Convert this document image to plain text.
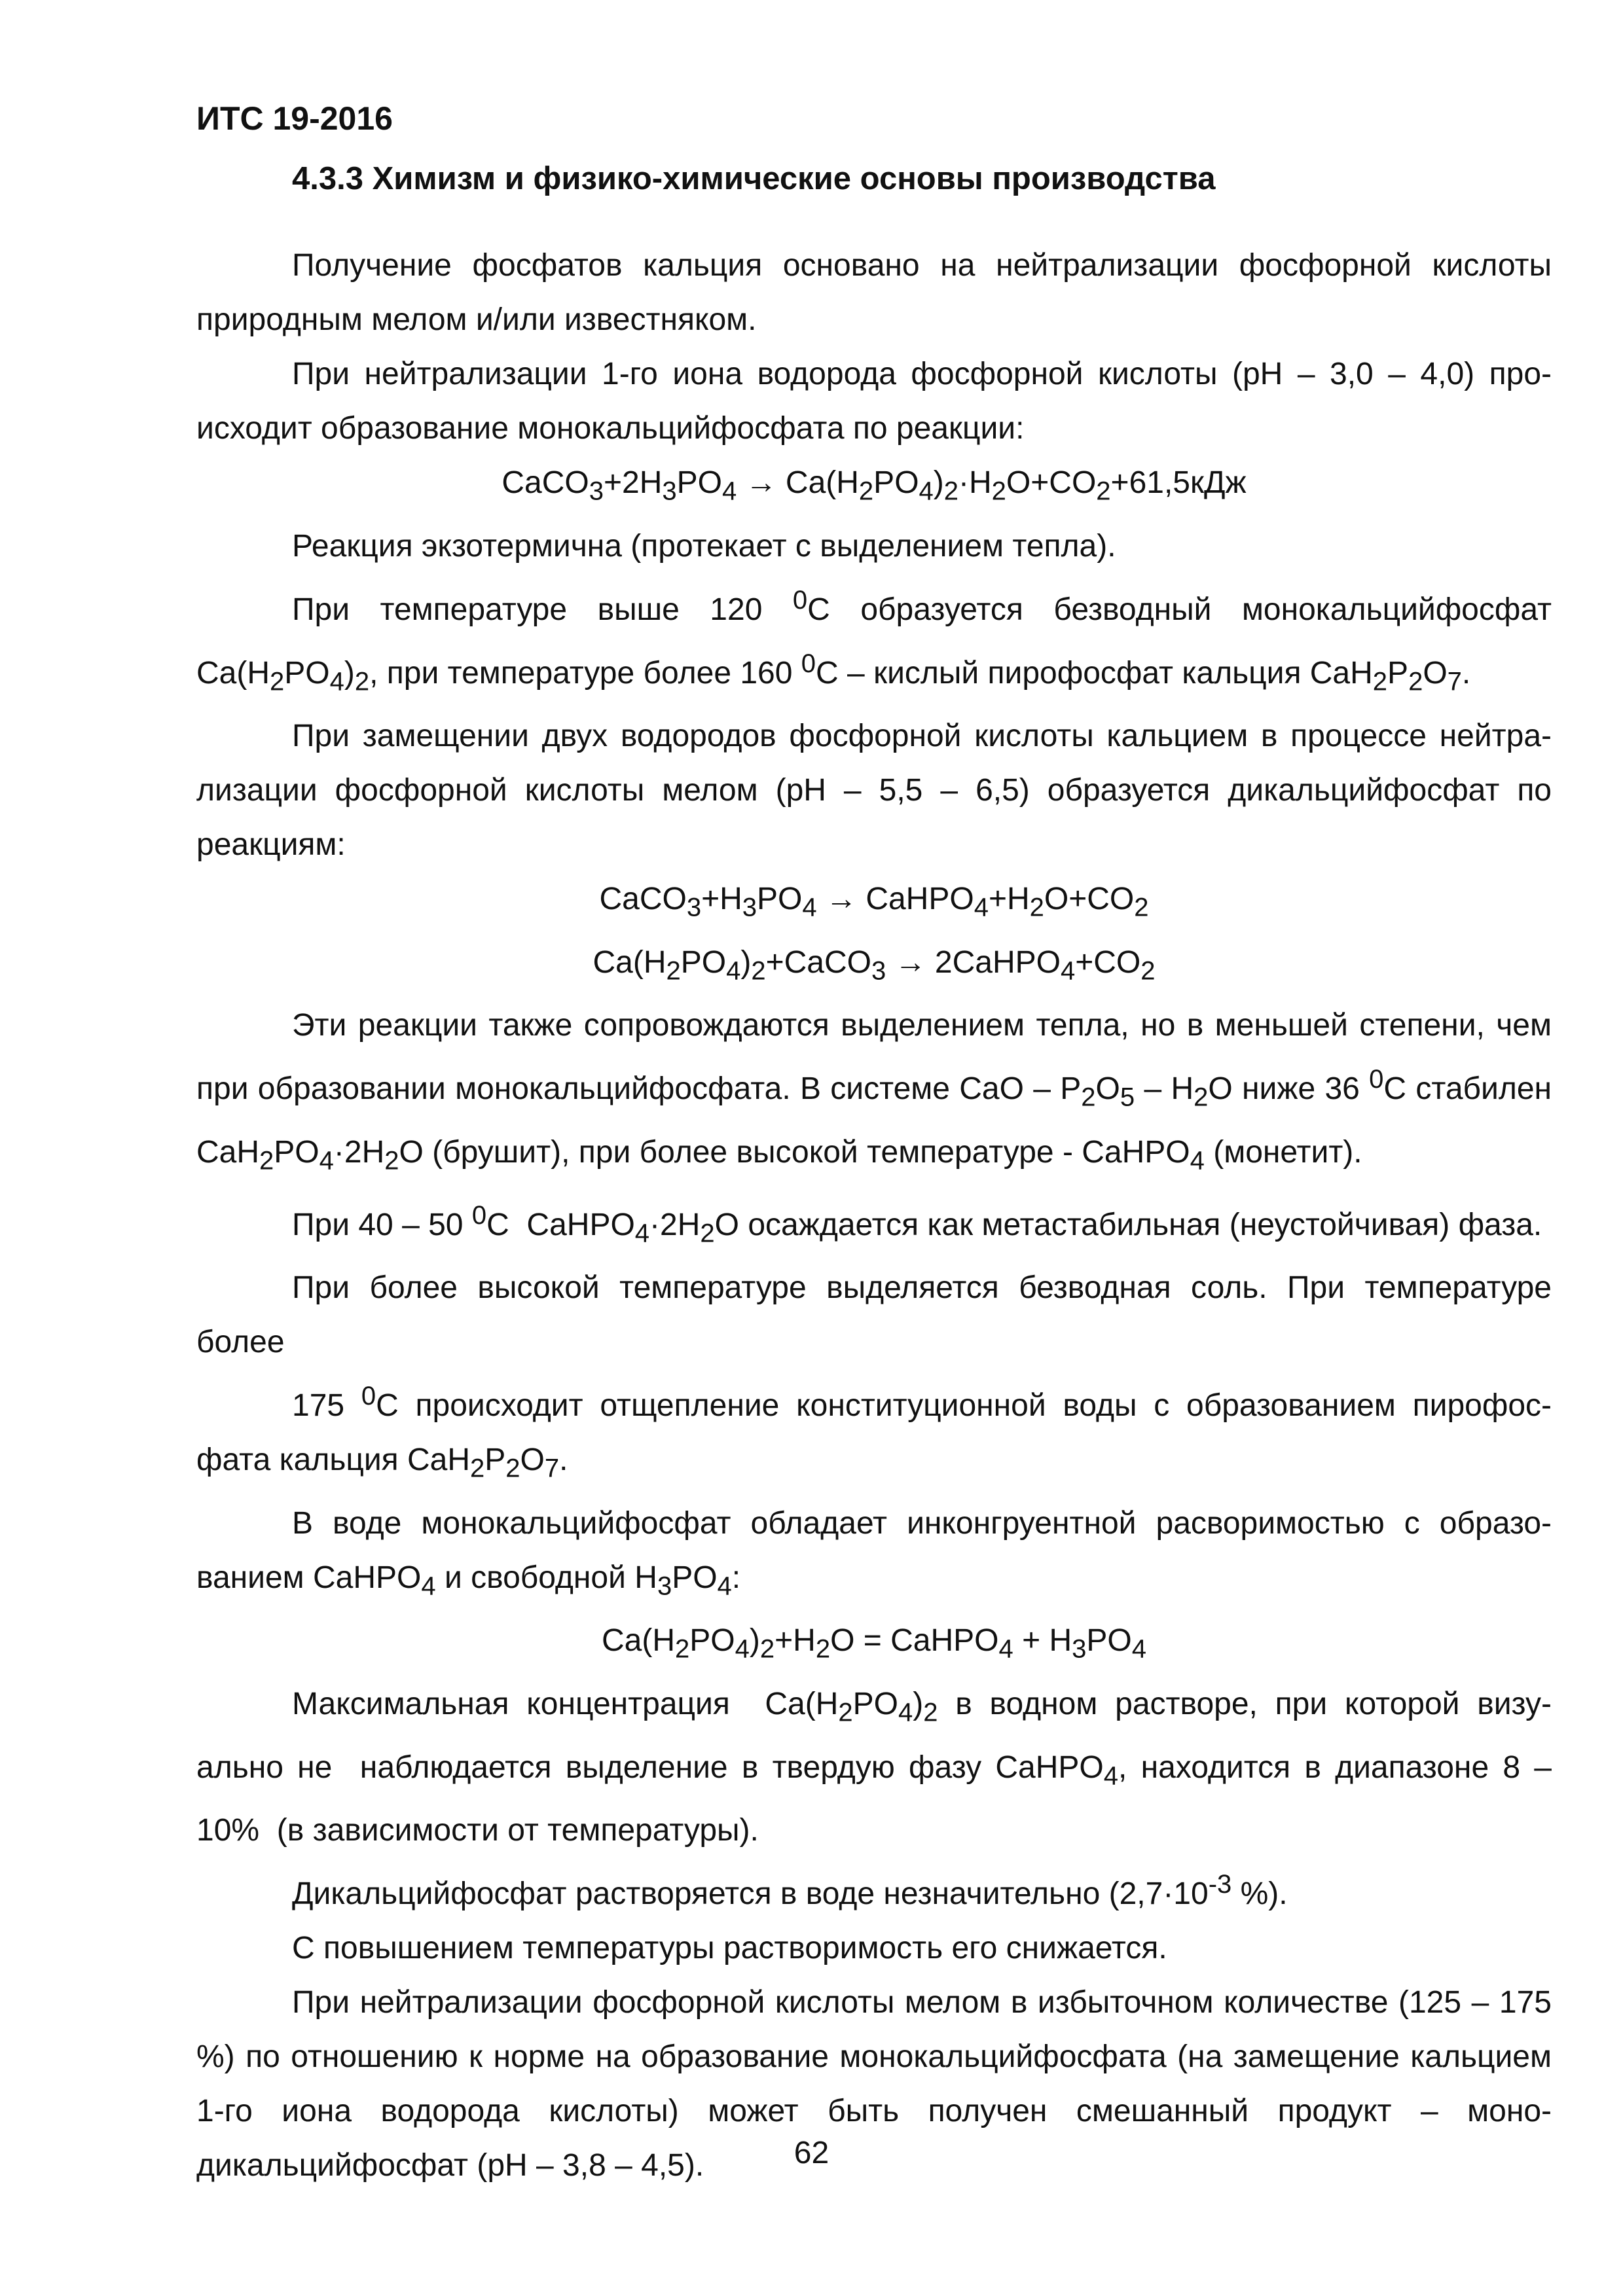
ИТС 19-2016
4.3.3 Химизм и физико-химические основы производства

Получение фосфатов кальция основано на нейтрализации фосфорной кислоты природным мелом и/или известняком.

При нейтрализации 1-го иона водорода фосфорной кислоты (рН – 3,0 – 4,0) про-исходит образование монокальцийфосфата по реакции:

$CaCO_3+2H_3PO_4 \to Ca(H_2PO_4)_2\cdot H_2O+CO_2+61,5кДж$

Реакция экзотермична (протекает с выделением тепла).

При температуре выше 120 $^0$С образуется безводный монокальцийфосфат $Ca(H_2PO_4)_2$, при температуре более 160 $^0$С – кислый пирофосфат кальция $CaH_2P_2O_7$.

При замещении двух водородов фосфорной кислоты кальцием в процессе нейтра-лизации фосфорной кислоты мелом (рН – 5,5 – 6,5) образуется дикальцийфосфат по реакциям:

$CaCO_3+H_3PO_4$ → $CaHPO_4+H_2O+CO_2$

$Ca(H_2PO_4)_2+CaCO_3$ → $2CaHPO_4+CO_2$

Эти реакции также сопровождаются выделением тепла, но в меньшей степени, чем при образовании монокальцийфосфата. В системе CaO – $P_2O_5 - H_2O$ ниже 36 $^0$С стабилен $CaH_2PO_4\cdot 2H_2O$ (брушит), при более высокой температуре - CaHPO$_4$ (монетит).

При 40 – 50 $^0$С  $CaHPO_4\cdot 2H_2O$ осаждается как метастабильная (неустойчивая) фаза.

При более высокой температуре выделяется безводная соль. При температуре более

175 $^0$С происходит отщепление конституционной воды с образованием пирофос-фата кальция $CaH_2P_2O_7$.

В воде монокальцийфосфат обладает инконгруентной расворимостью с образо-ванием CaHPO$_4$ и свободной $H_3PO_4$:

$Ca(H_2PO_4)_2+H_2O$ = CaHPO$_4$ + $H_3PO_4$

Максимальная концентрация  $Ca(H_2PO_4)_2$ в водном растворе, при которой визу-ально не  наблюдается выделение в твердую фазу CaHPO$_4$, находится в диапазоне 8 – 10%  (в зависимости от температуры).

Дикальцийфосфат растворяется в воде незначительно ($2,7\cdot 10^{-3}$ %).

С повышением температуры растворимость его снижается.

При нейтрализации фосфорной кислоты мелом в избыточном количестве (125 – 175 %) по отношению к норме на образование монокальцийфосфата (на замещение кальцием 1-го иона водорода кислоты) может быть получен смешанный продукт – моно-дикальцийфосфат (рН – 3,8 – 4,5).	62
